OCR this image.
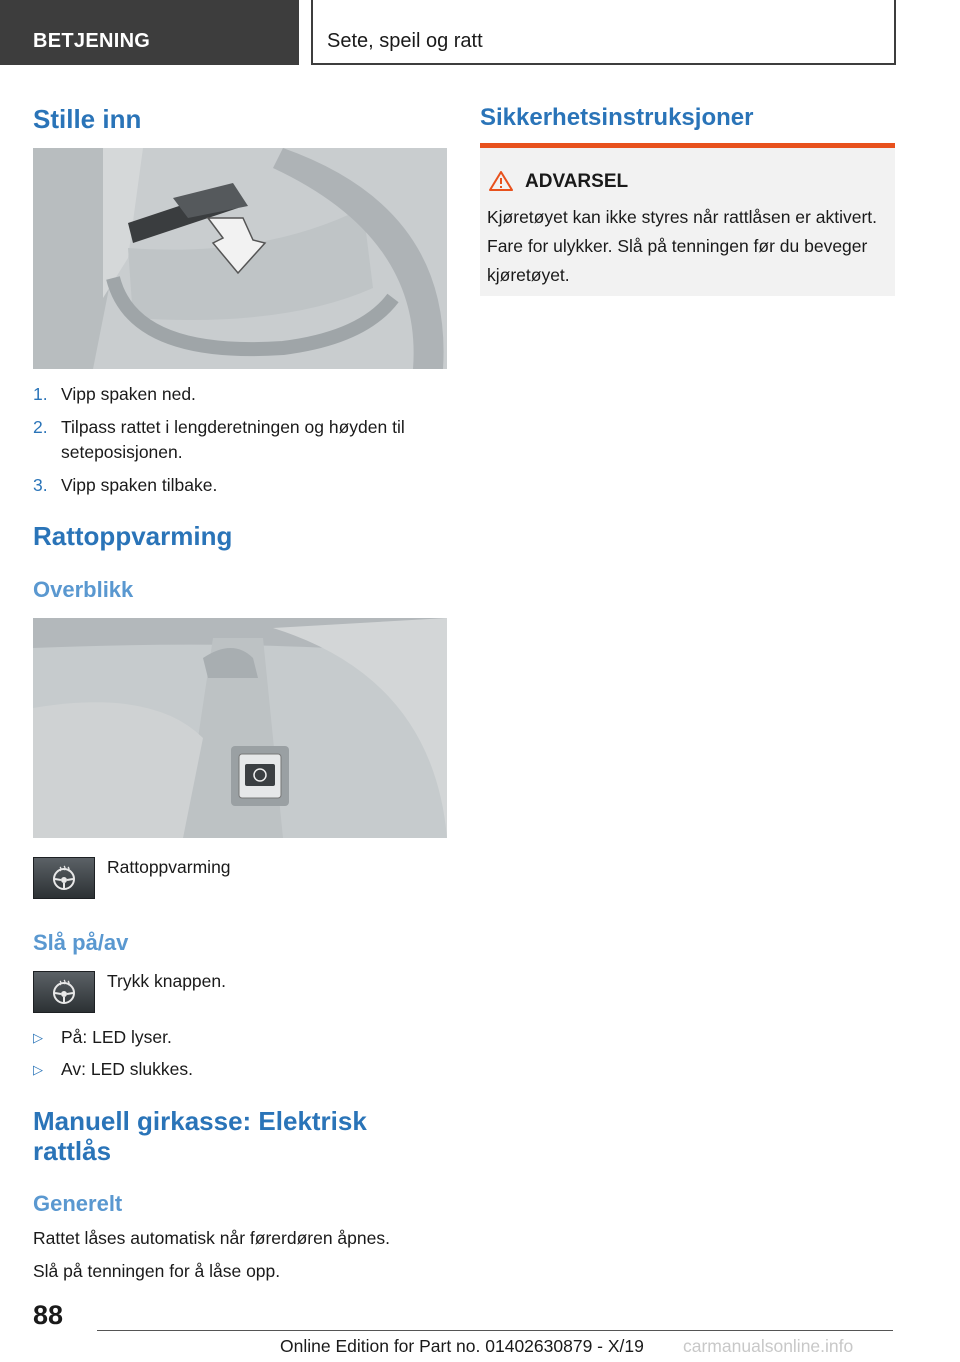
BETJENING	Sete, speil og ratt
Stille inn
1. Vipp spaken ned.
2. Tilpass rattet i lengderetningen og høyden til seteposisjonen.
3. Vipp spaken tilbake.
Rattoppvarming
Overblikk
Rattoppvarming
Slå på/av
Trykk knappen.
▷ På: LED lyser.
▷ Av: LED slukkes.
Manuell girkasse: Elektrisk
rattlås
Generelt
Rattet låses automatisk når førerdøren åpnes.
Slå på tenningen for å låse opp.
Sikkerhetsinstruksjoner
ADVARSEL
Kjøretøyet kan ikke styres når rattlåsen er aktivert. Fare for ulykker. Slå på tenningen før du beveger kjøretøyet.
88
Online Edition for Part no. 01402630879 - X/19 carmanualsonline.info
